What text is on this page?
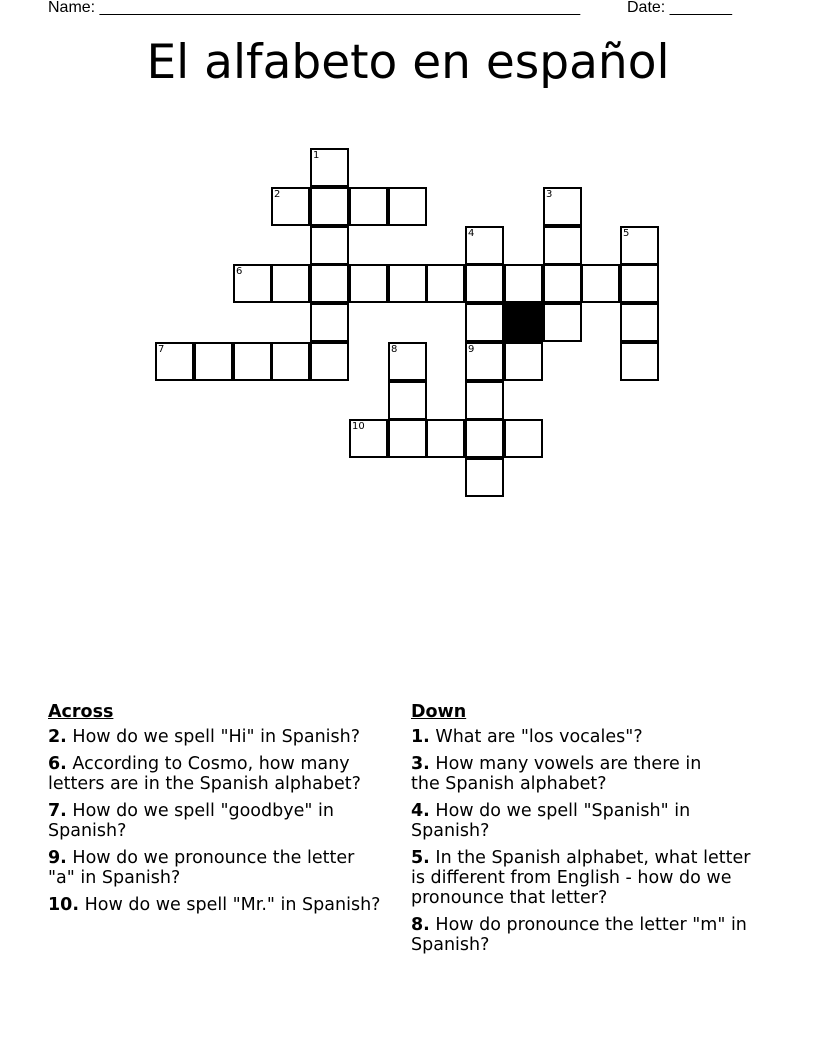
Name: ______________________________________________________	Date: _______
El alfabeto en español
1
2	3
4	5
6
7	8	9
10
Across
2. How do we spell "Hi" in Spanish?
6. According to Cosmo, how many letters are in the Spanish alphabet?
7. How do we spell "goodbye" in Spanish?
9. How do we pronounce the letter "a" in Spanish?
10. How do we spell "Mr." in Spanish?
Down
1. What are "los vocales"?
3. How many vowels are there in the Spanish alphabet?
4. How do we spell "Spanish" in Spanish?
5. In the Spanish alphabet, what letter is different from English - how do we pronounce that letter?
8. How do pronounce the letter "m" in Spanish?
